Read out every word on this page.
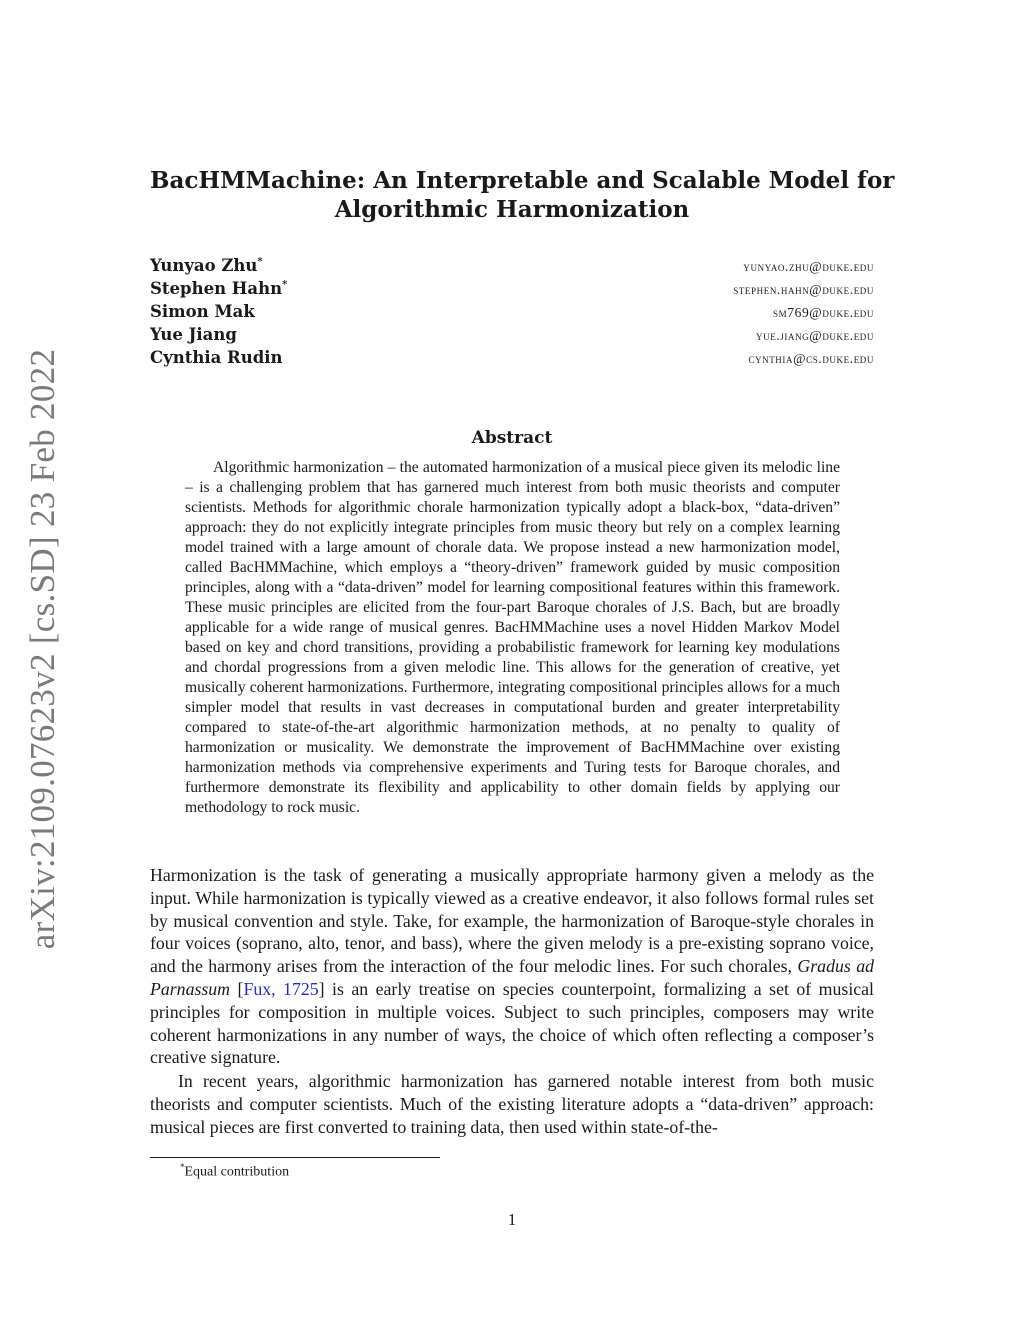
arXiv:2109.07623v2 [cs.SD] 23 Feb 2022
BacHMMachine: An Interpretable and Scalable Model for
Algorithmic Harmonization
Yunyao Zhu*	yunyao.zhu@duke.edu
Stephen Hahn*	stephen.hahn@duke.edu
Simon Mak	sm769@duke.edu
Yue Jiang	yue.jiang@duke.edu
Cynthia Rudin	cynthia@cs.duke.edu
Abstract

Algorithmic harmonization – the automated harmonization of a musical piece given its melodic line – is a challenging problem that has garnered much interest from both music theorists and computer scientists. Methods for algorithmic chorale harmonization typically adopt a black-box, “data-driven” approach: they do not explicitly integrate principles from music theory but rely on a complex learning model trained with a large amount of chorale data. We propose instead a new harmonization model, called BacHMMachine, which employs a “theory-driven” framework guided by music composition principles, along with a “data-driven” model for learning compositional features within this framework. These music principles are elicited from the four-part Baroque chorales of J.S. Bach, but are broadly applicable for a wide range of musical genres. BacHMMachine uses a novel Hidden Markov Model based on key and chord transitions, providing a probabilistic framework for learning key modulations and chordal progressions from a given melodic line. This allows for the generation of creative, yet musically coherent harmonizations. Furthermore, integrating compositional principles allows for a much simpler model that results in vast decreases in computational burden and greater interpretability compared to state-of-the-art algorithmic harmonization methods, at no penalty to quality of harmonization or musicality. We demonstrate the improvement of BacHMMachine over existing harmonization methods via comprehensive experiments and Turing tests for Baroque chorales, and furthermore demonstrate its flexibility and applicability to other domain fields by applying our methodology to rock music.

Harmonization is the task of generating a musically appropriate harmony given a melody as the input. While harmonization is typically viewed as a creative endeavor, it also follows formal rules set by musical convention and style. Take, for example, the harmonization of Baroque-style chorales in four voices (soprano, alto, tenor, and bass), where the given melody is a pre-existing soprano voice, and the harmony arises from the interaction of the four melodic lines. For such chorales, Gradus ad Parnassum [Fux, 1725] is an early treatise on species counterpoint, formalizing a set of musical principles for composition in multiple voices. Subject to such principles, composers may write coherent harmonizations in any number of ways, the choice of which often reflecting a composer’s creative signature.

In recent years, algorithmic harmonization has garnered notable interest from both music theorists and computer scientists. Much of the existing literature adopts a “data-driven” approach: musical pieces are first converted to training data, then used within state-of-the-

*Equal contribution
1
